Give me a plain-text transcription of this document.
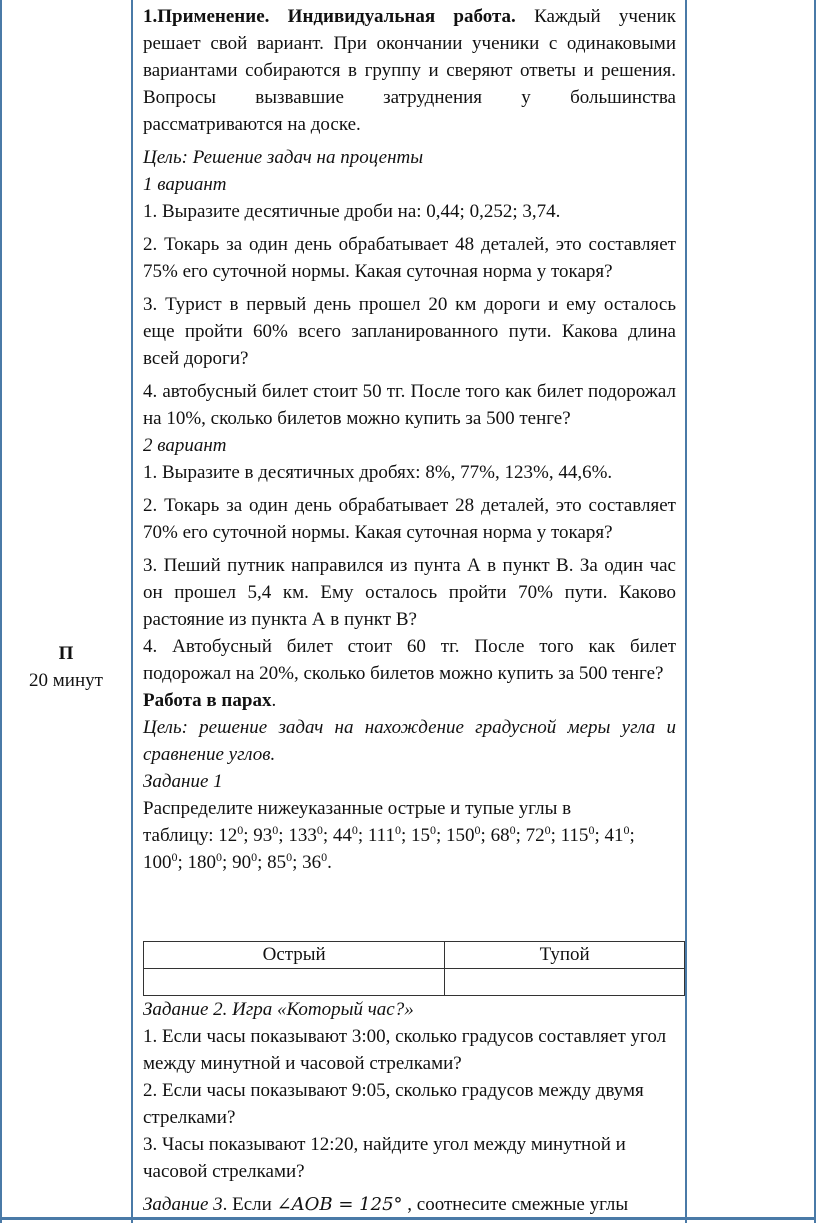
П
20 минут

1.Применение. Индивидуальная работа. Каждый ученик решает свой вариант. При окончании ученики с одинаковыми вариантами собираются в группу и сверяют ответы и решения. Вопросы вызвавшие затруднения у большинства рассматриваются на доске.

Цель: Решение задач на проценты

1 вариант

1. Выразите десятичные дроби на: 0,44; 0,252; 3,74.

2. Токарь за один день обрабатывает 48 деталей, это составляет 75% его суточной нормы. Какая суточная норма у токаря?

3. Турист в первый день прошел 20 км дороги и ему осталось еще пройти 60% всего запланированного пути. Какова длина всей дороги?

4. автобусный билет стоит 50 тг. После того как билет подорожал на 10%, сколько билетов можно купить за 500 тенге?

2 вариант

1. Выразите в десятичных дробях: 8%, 77%, 123%, 44,6%.

2. Токарь за один день обрабатывает 28 деталей, это составляет 70% его суточной нормы. Какая суточная норма у токаря?

3. Пеший путник направился из пунта А в пункт В. За один час он прошел 5,4 км. Ему осталось пройти 70% пути. Каково растояние из пункта А в пункт В?

4. Автобусный билет стоит 60 тг. После того как билет подорожал на 20%, сколько билетов можно купить за 500 тенге?

Работа в парах.

Цель: решение задач на нахождение градусной меры угла и сравнение углов.

Задание 1

Распределите нижеуказанные острые и тупые углы в

таблицу: $12^0$; $93^0$; $133^0$; $44^0$; $111^0$; $15^0$; $150^0$; $68^0$; $72^0$; $115^0$; $41^0$; $100^0$; $180^0$; $90^0$; $85^0$; $36^0$.

Острый	Тупой

Задание 2. Игра «Который час?»

1. Если часы показывают 3:00, сколько градусов составляет угол между минутной и часовой стрелками?

2. Если часы показывают 9:05, сколько градусов между двумя стрелками?

3. Часы показывают 12:20, найдите угол между минутной и часовой стрелками?

Задание 3. Если ∠AOB = 125° , соотнесите смежные углы
